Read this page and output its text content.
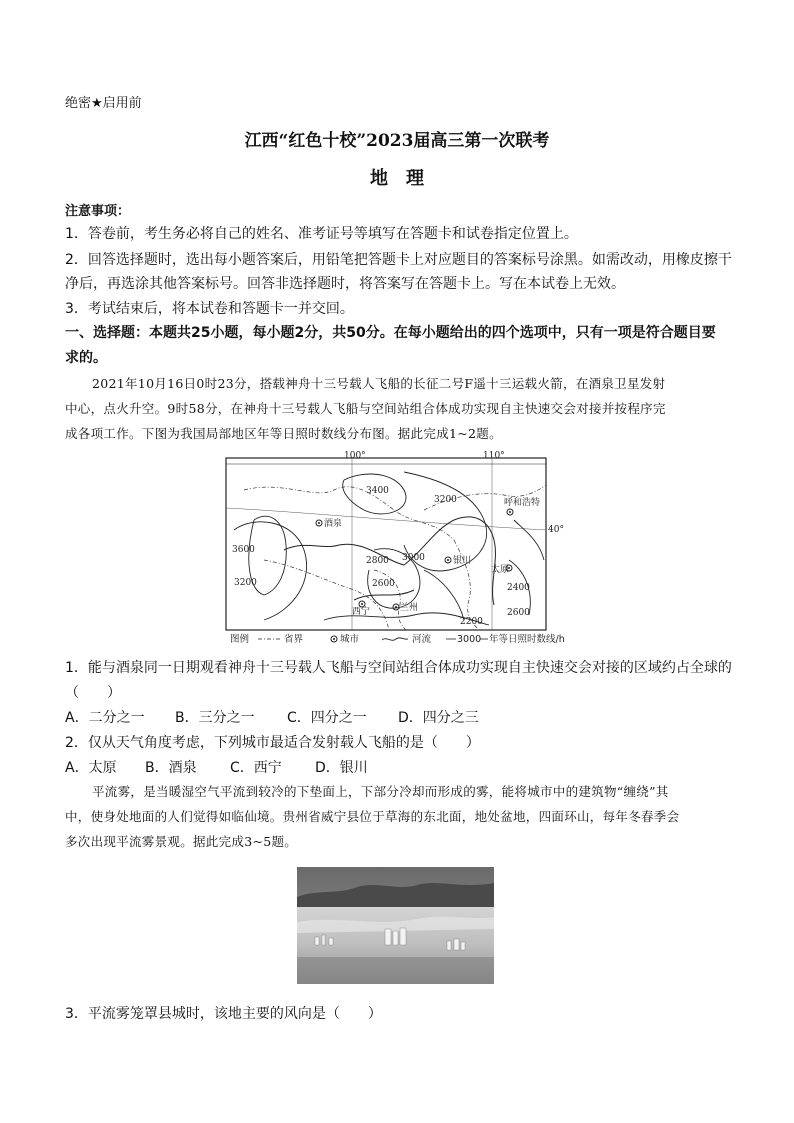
绝密★启用前
江西“红色十校”2023届高三第一次联考
地　理
注意事项：
1．答卷前，考生务必将自己的姓名、准考证号等填写在答题卡和试卷指定位置上。
2．回答选择题时，选出每小题答案后，用铅笔把答题卡上对应题目的答案标号涂黑。如需改动，用橡皮擦干
净后，再选涂其他答案标号。回答非选择题时，将答案写在答题卡上。写在本试卷上无效。
3．考试结束后，将本试卷和答题卡一并交回。
一、选择题：本题共25小题，每小题2分，共50分。在每小题给出的四个选项中，只有一项是符合题目要
求的。
2021年10月16日0时23分，搭载神舟十三号载人飞船的长征二号F遥十三运载火箭，在酒泉卫星发射
中心，点火升空。9时58分，在神舟十三号载人飞船与空间站组合体成功实现自主快速交会对接并按程序完
成各项工作。下图为我国局部地区年等日照时数线分布图。据此完成1~2题。
100°	110°
40°
3400
3200
3000
2800
2600	2400
2200
3600
3200
2600
呼和浩特
酒泉
银川
太原
西宁	兰州
图例	省界	城市	河流	3000 年等日照时数线/h
1．能与酒泉同一日期观看神舟十三号载人飞船与空间站组合体成功实现自主快速交会对接的区域约占全球的
（　　）
A．二分之一 B．三分之一 C．四分之一 D．四分之三
2．仅从天气角度考虑，下列城市最适合发射载人飞船的是（　　）
A．太原 B．酒泉 C．西宁 D．银川
平流雾，是当暖湿空气平流到较冷的下垫面上，下部分冷却而形成的雾，能将城市中的建筑物“缠绕”其
中，使身处地面的人们觉得如临仙境。贵州省威宁县位于草海的东北面，地处盆地，四面环山，每年冬春季会
多次出现平流雾景观。据此完成3~5题。
3．平流雾笼罩县城时，该地主要的风向是（　　）
